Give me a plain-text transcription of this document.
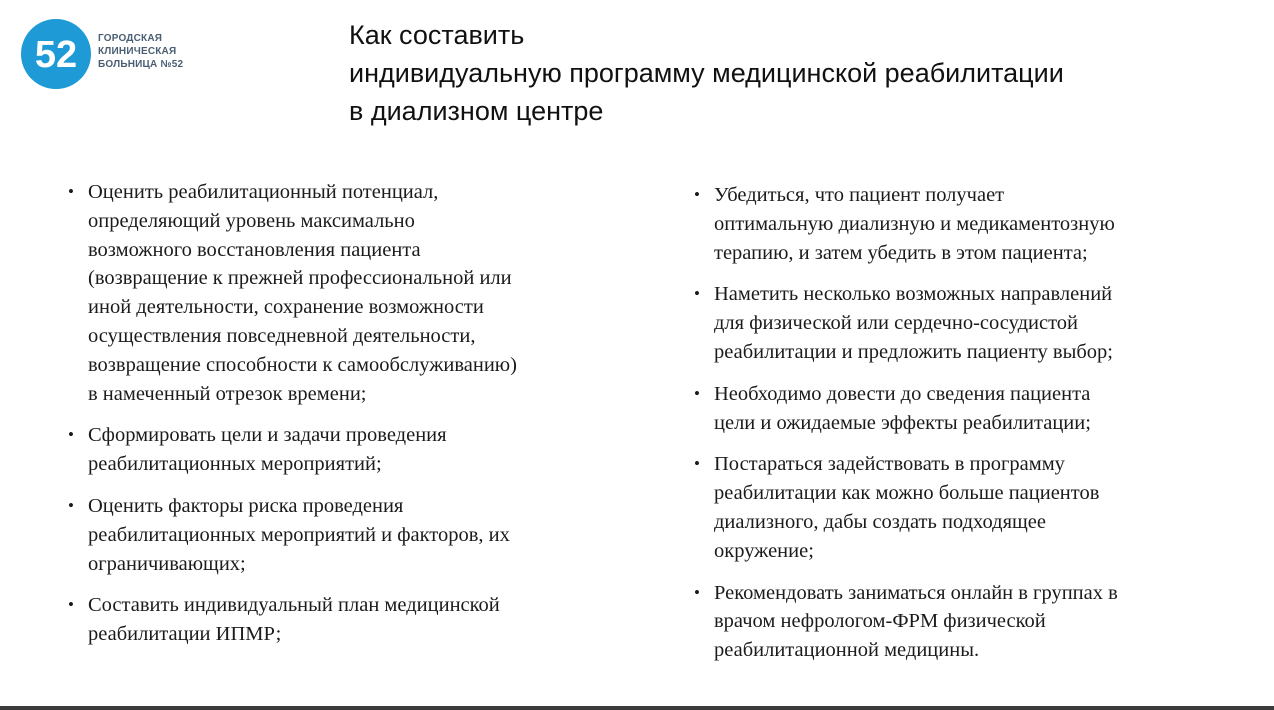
52 ГОРОДСКАЯ
КЛИНИЧЕСКАЯ
БОЛЬНИЦА №52
Как составить
индивидуальную программу медицинской реабилитации
в диализном центре
• Оценить реабилитационный потенциал,
определяющий уровень максимально
возможного восстановления пациента
(возвращение к прежней профессиональной или
иной деятельности, сохранение возможности
осуществления повседневной деятельности,
возвращение способности к самообслуживанию)
в намеченный отрезок времени;
• Сформировать цели и задачи проведения
реабилитационных мероприятий;
• Оценить факторы риска проведения
реабилитационных мероприятий и факторов, их
ограничивающих;
• Составить индивидуальный план медицинской
реабилитации ИПМР;
• Убедиться, что пациент получает
оптимальную диализную и медикаментозную
терапию, и затем убедить в этом пациента;
• Наметить несколько возможных направлений
для физической или сердечно-сосудистой
реабилитации и предложить пациенту выбор;
• Необходимо довести до сведения пациента
цели и ожидаемые эффекты реабилитации;
• Постараться задействовать в программу
реабилитации как можно больше пациентов
диализного, дабы создать подходящее
окружение;
• Рекомендовать заниматься онлайн в группах в
врачом нефрологом-ФРМ физической
реабилитационной медицины.
